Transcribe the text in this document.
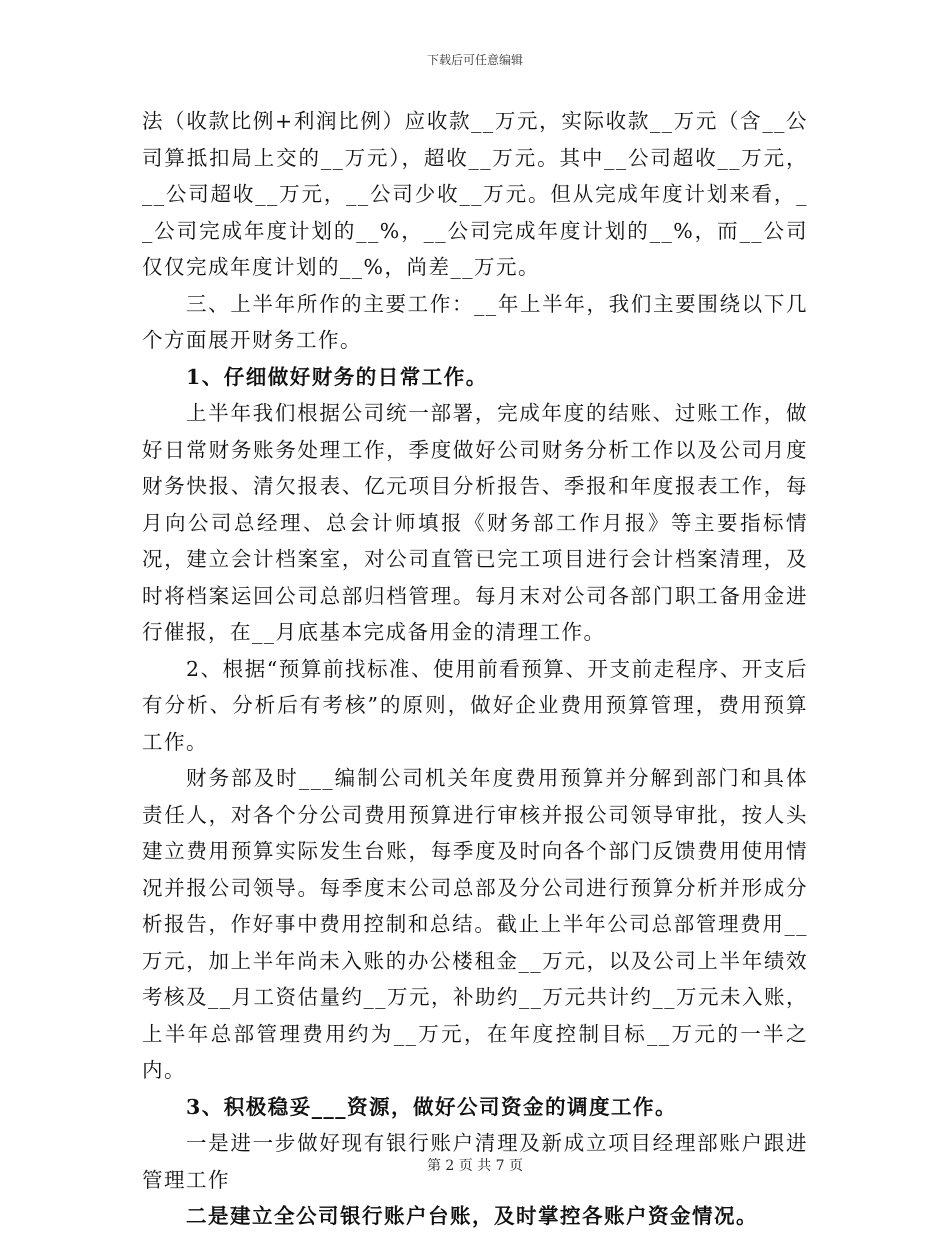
下载后可任意编辑

法（收款比例+利润比例）应收款__万元，实际收款__万元（含__公司算抵扣局上交的__万元），超收__万元。其中__公司超收__万元，__公司超收__万元，__公司少收__万元。但从完成年度计划来看，__公司完成年度计划的__%，__公司完成年度计划的__%，而__公司仅仅完成年度计划的__%，尚差__万元。

三、上半年所作的主要工作：__年上半年，我们主要围绕以下几个方面展开财务工作。

1、仔细做好财务的日常工作。

上半年我们根据公司统一部署，完成年度的结账、过账工作，做好日常财务账务处理工作，季度做好公司财务分析工作以及公司月度财务快报、清欠报表、亿元项目分析报告、季报和年度报表工作，每月向公司总经理、总会计师填报《财务部工作月报》等主要指标情况，建立会计档案室，对公司直管已完工项目进行会计档案清理，及时将档案运回公司总部归档管理。每月末对公司各部门职工备用金进行催报，在__月底基本完成备用金的清理工作。

2、根据“预算前找标准、使用前看预算、开支前走程序、开支后有分析、分析后有考核”的原则，做好企业费用预算管理，费用预算工作。

财务部及时___编制公司机关年度费用预算并分解到部门和具体责任人，对各个分公司费用预算进行审核并报公司领导审批，按人头建立费用预算实际发生台账，每季度及时向各个部门反馈费用使用情况并报公司领导。每季度末公司总部及分公司进行预算分析并形成分析报告，作好事中费用控制和总结。截止上半年公司总部管理费用__万元，加上半年尚未入账的办公楼租金__万元，以及公司上半年绩效考核及__月工资估量约__万元，补助约__万元共计约__万元未入账，上半年总部管理费用约为__万元，在年度控制目标__万元的一半之内。

3、积极稳妥___资源，做好公司资金的调度工作。

一是进一步做好现有银行账户清理及新成立项目经理部账户跟进管理工作

二是建立全公司银行账户台账，及时掌控各账户资金情况。

第 2 页 共 7 页
